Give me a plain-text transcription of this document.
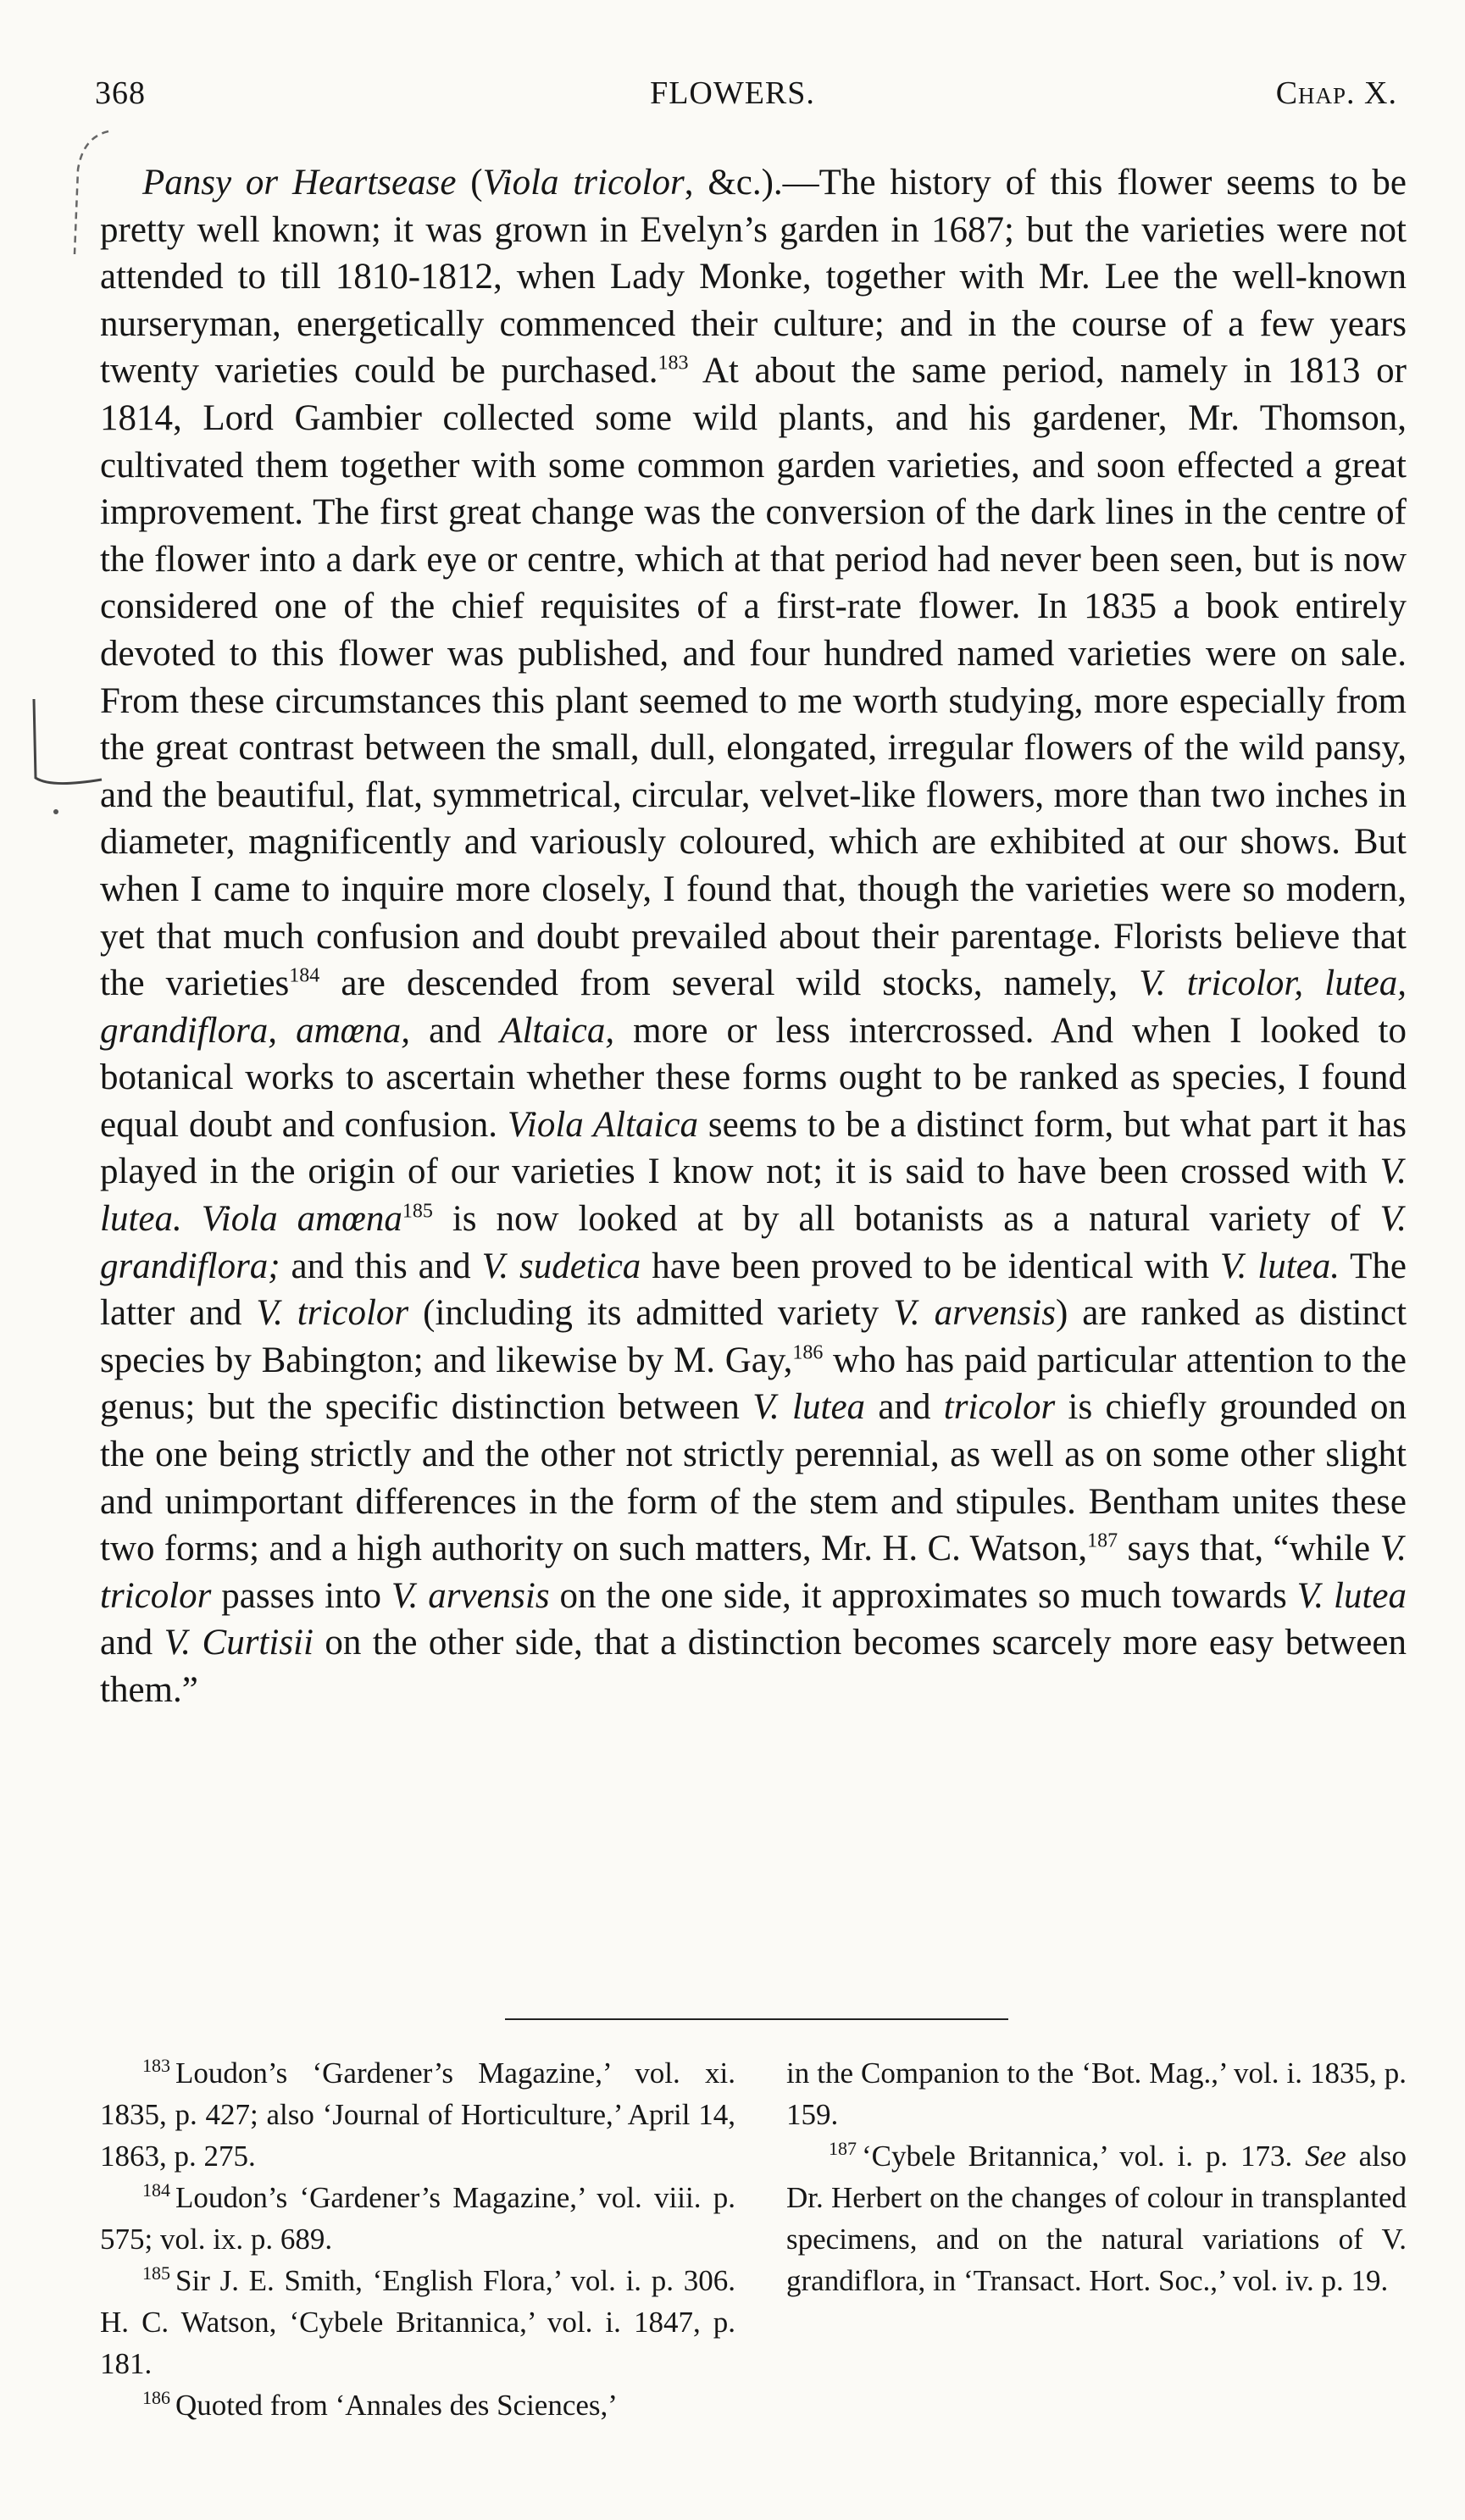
368	FLOWERS.	Chap. X.

Pansy or Heartsease (Viola tricolor, &c.).—The history of this flower seems to be pretty well known; it was grown in Evelyn’s garden in 1687; but the varieties were not attended to till 1810-1812, when Lady Monke, together with Mr. Lee the well-known nurseryman, energetically commenced their culture; and in the course of a few years twenty varieties could be purchased.$^{183}$ At about the same period, namely in 1813 or 1814, Lord Gambier collected some wild plants, and his gardener, Mr. Thomson, cultivated them together with some common garden varieties, and soon effected a great improvement. The first great change was the conversion of the dark lines in the centre of the flower into a dark eye or centre, which at that period had never been seen, but is now considered one of the chief requisites of a first-rate flower. In 1835 a book entirely devoted to this flower was published, and four hundred named varieties were on sale. From these circumstances this plant seemed to me worth studying, more especially from the great contrast between the small, dull, elongated, irregular flowers of the wild pansy, and the beautiful, flat, symmetrical, circular, velvet-like flowers, more than two inches in diameter, magnificently and variously coloured, which are exhibited at our shows. But when I came to inquire more closely, I found that, though the varieties were so modern, yet that much confusion and doubt prevailed about their parentage. Florists believe that the varieties$^{184}$ are descended from several wild stocks, namely, V. tricolor, lutea, grandiflora, amœna, and Altaica, more or less intercrossed. And when I looked to botanical works to ascertain whether these forms ought to be ranked as species, I found equal doubt and confusion. Viola Altaica seems to be a distinct form, but what part it has played in the origin of our varieties I know not; it is said to have been crossed with V. lutea. Viola amœna$^{185}$ is now looked at by all botanists as a natural variety of V. grandiflora; and this and V. sudetica have been proved to be identical with V. lutea. The latter and V. tricolor (including its admitted variety V. arvensis) are ranked as distinct species by Babington; and likewise by M. Gay,$^{186}$ who has paid particular attention to the genus; but the specific distinction between V. lutea and tricolor is chiefly grounded on the one being strictly and the other not strictly perennial, as well as on some other slight and unimportant differences in the form of the stem and stipules. Bentham unites these two forms; and a high authority on such matters, Mr. H. C. Watson,$^{187}$ says that, “while V. tricolor passes into V. arvensis on the one side, it approximates so much towards V. lutea and V. Curtisii on the other side, that a distinction becomes scarcely more easy between them.”

$^{183}$ Loudon’s ‘Gardener’s Magazine,’ vol. xi. 1835, p. 427; also ‘Journal of Horticulture,’ April 14, 1863, p. 275.

$^{184}$ Loudon’s ‘Gardener’s Magazine,’ vol. viii. p. 575; vol. ix. p. 689.

$^{185}$ Sir J. E. Smith, ‘English Flora,’ vol. i. p. 306. H. C. Watson, ‘Cybele Britannica,’ vol. i. 1847, p. 181.

$^{186}$ Quoted from ‘Annales des Sciences,’

in the Companion to the ‘Bot. Mag.,’ vol. i. 1835, p. 159.

$^{187}$ ‘Cybele Britannica,’ vol. i. p. 173. See also Dr. Herbert on the changes of colour in transplanted specimens, and on the natural variations of V. grandiflora, in ‘Transact. Hort. Soc.,’ vol. iv. p. 19.
